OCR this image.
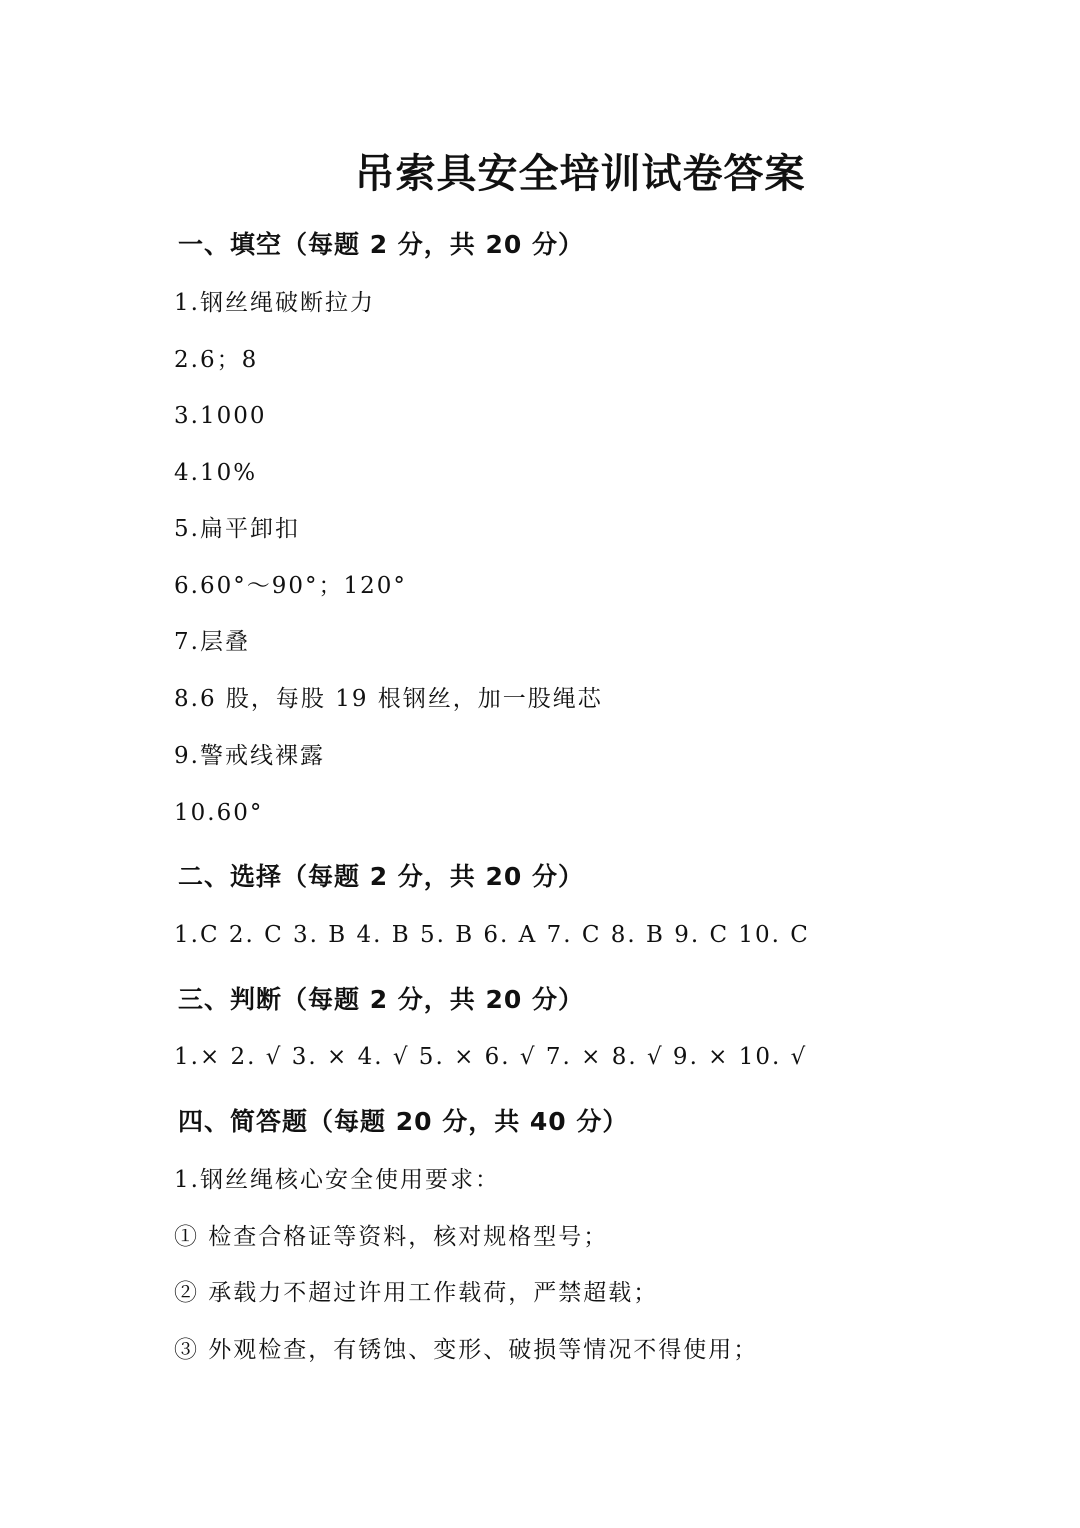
吊索具安全培训试卷答案
一、填空（每题 2 分，共 20 分）
1.钢丝绳破断拉力
2.6；8
3.1000
4.10%
5.扁平卸扣
6.60°～90°；120°
7.层叠
8.6 股，每股 19 根钢丝，加一股绳芯
9.警戒线裸露
10.60°
二、选择（每题 2 分，共 20 分）
1.C 2. C 3. B 4. B 5. B 6. A 7. C 8. B 9. C 10. C
三、判断（每题 2 分，共 20 分）
1.× 2. √ 3. × 4. √ 5. × 6. √ 7. × 8. √ 9. × 10. √
四、简答题（每题 20 分，共 40 分）
1.钢丝绳核心安全使用要求：
① 检查合格证等资料，核对规格型号；
② 承载力不超过许用工作载荷，严禁超载；
③ 外观检查，有锈蚀、变形、破损等情况不得使用；
